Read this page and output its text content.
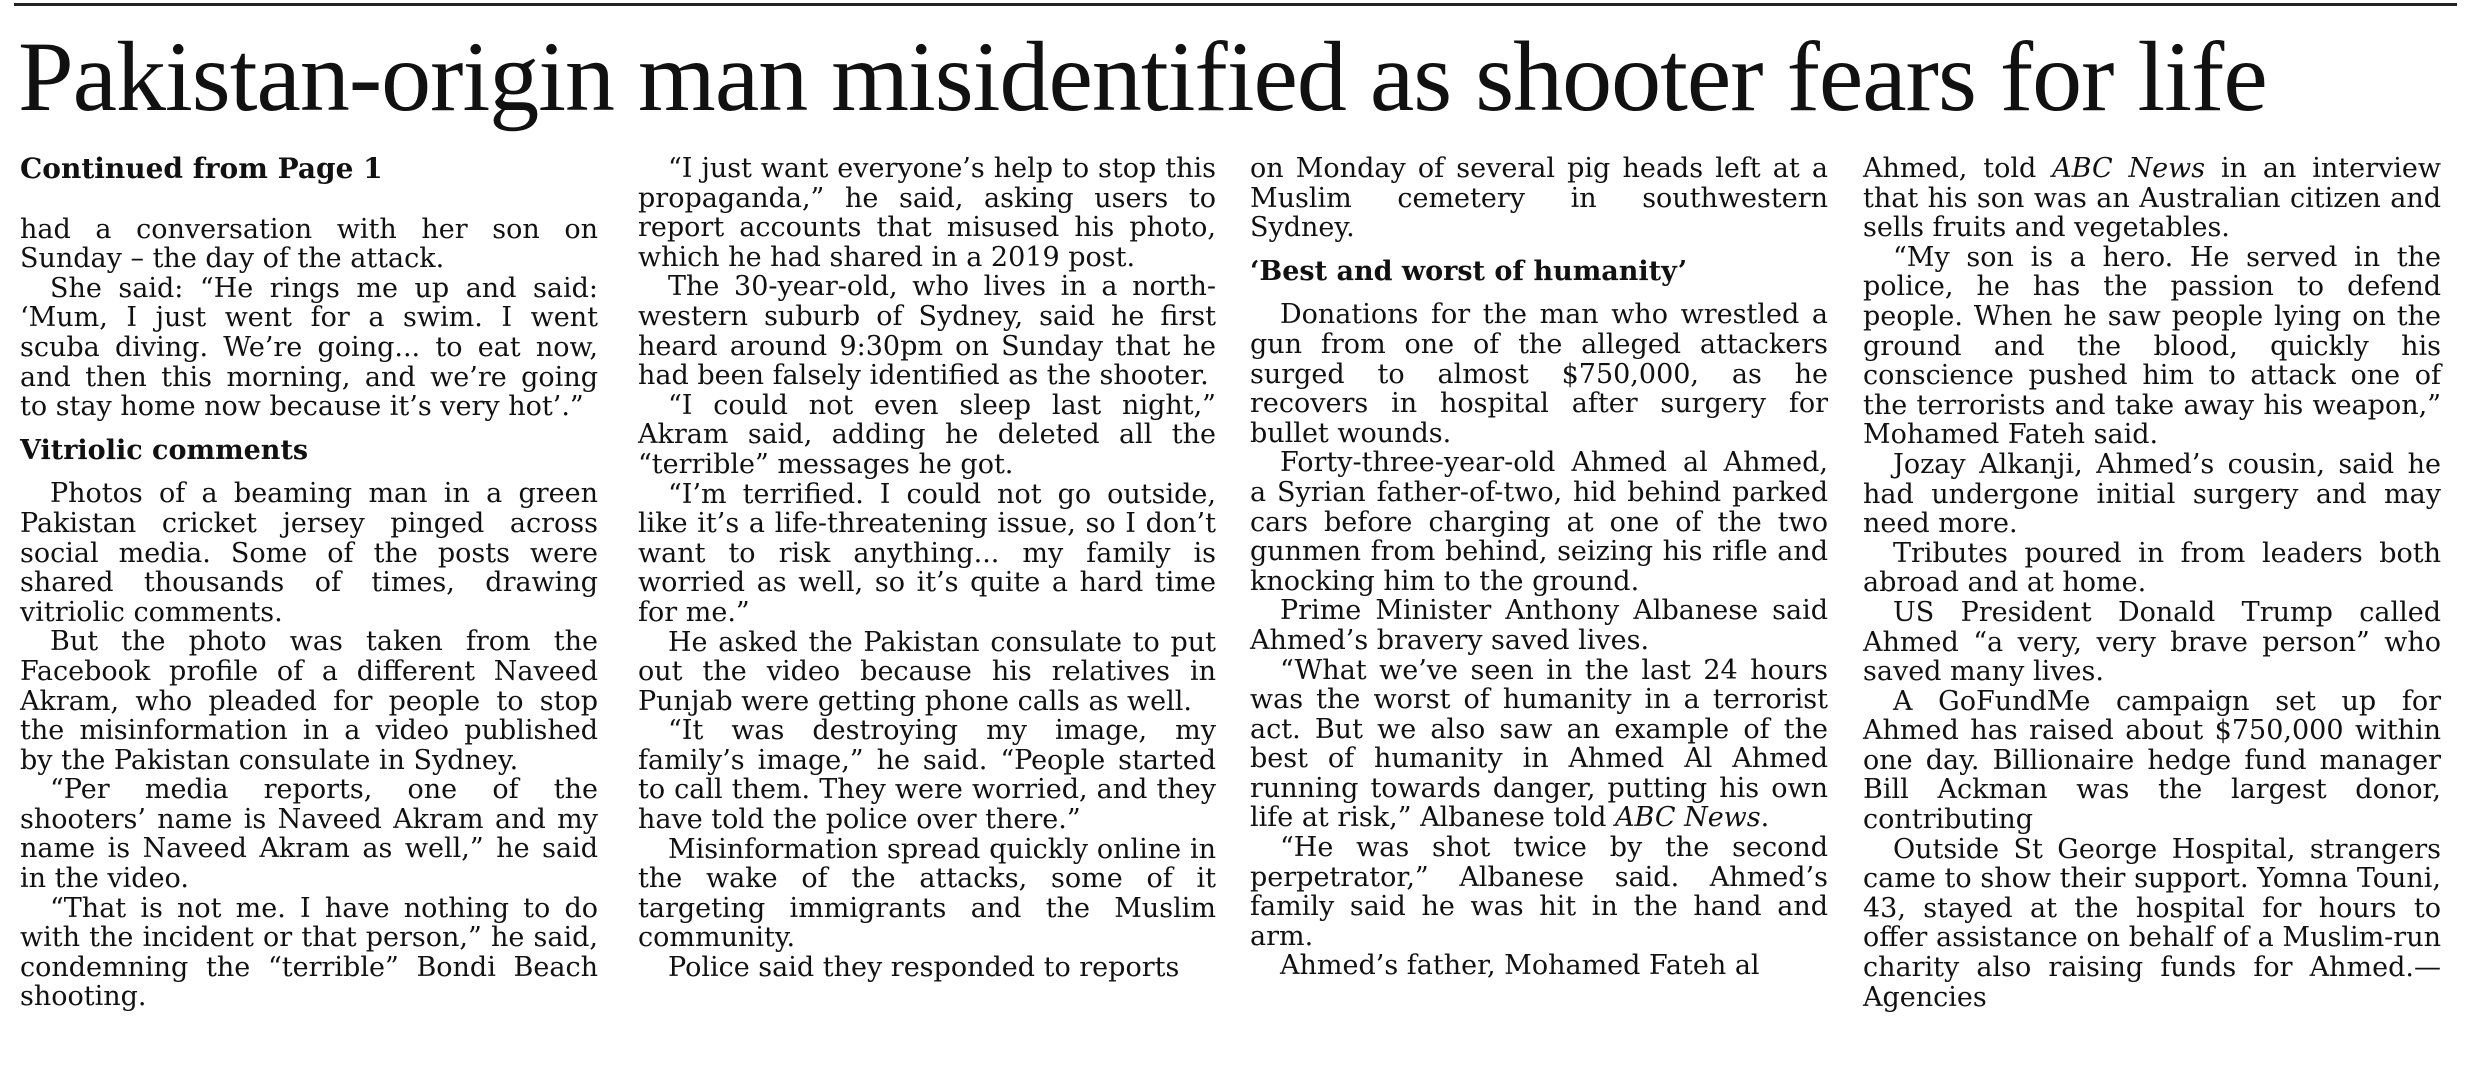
Pakistan-origin man misidentified as shooter fears for life
Continued from Page 1

had a conversation with her son on Sunday – the day of the attack.

She said: “He rings me up and said: ‘Mum, I just went for a swim. I went scuba diving. We’re going... to eat now, and then this morning, and we’re going to stay home now because it’s very hot’.”

Vitriolic comments

Photos of a beaming man in a green Pakistan cricket jersey pinged across social media. Some of the posts were shared thousands of times, drawing vitriolic comments.

But the photo was taken from the Facebook profile of a different Naveed Akram, who pleaded for people to stop the misinformation in a video published by the Pakistan consulate in Sydney.

“Per media reports, one of the shooters’ name is Naveed Akram and my name is Naveed Akram as well,” he said in the video.

“That is not me. I have nothing to do with the incident or that person,” he said, condemning the “terrible” Bondi Beach shooting.

“I just want everyone’s help to stop this propaganda,” he said, asking users to report accounts that misused his photo, which he had shared in a 2019 post.

The 30-year-old, who lives in a north-western suburb of Sydney, said he first heard around 9:30pm on Sunday that he had been falsely identified as the shooter.

“I could not even sleep last night,” Akram said, adding he deleted all the “terrible” messages he got.

“I’m terrified. I could not go outside, like it’s a life-threatening issue, so I don’t want to risk anything... my family is worried as well, so it’s quite a hard time for me.”

He asked the Pakistan consulate to put out the video because his relatives in Punjab were getting phone calls as well.

“It was destroying my image, my family’s image,” he said. “People started to call them. They were worried, and they have told the police over there.”

Misinformation spread quickly online in the wake of the attacks, some of it targeting immigrants and the Muslim community.

Police said they responded to reports

on Monday of several pig heads left at a Muslim cemetery in southwestern Sydney.

‘Best and worst of humanity’

Donations for the man who wrestled a gun from one of the alleged attackers surged to almost $750,000, as he recovers in hospital after surgery for bullet wounds.

Forty-three-year-old Ahmed al Ahmed, a Syrian father-of-two, hid behind parked cars before charging at one of the two gunmen from behind, seizing his rifle and knocking him to the ground.

Prime Minister Anthony Albanese said Ahmed’s bravery saved lives.

“What we’ve seen in the last 24 hours was the worst of humanity in a terrorist act. But we also saw an example of the best of humanity in Ahmed Al Ahmed running towards danger, putting his own life at risk,” Albanese told ABC News.

“He was shot twice by the second perpetrator,” Albanese said. Ahmed’s family said he was hit in the hand and arm.

Ahmed’s father, Mohamed Fateh al

Ahmed, told ABC News in an interview that his son was an Australian citizen and sells fruits and vegetables.

“My son is a hero. He served in the police, he has the passion to defend people. When he saw people lying on the ground and the blood, quickly his conscience pushed him to attack one of the terrorists and take away his weapon,” Mohamed Fateh said.

Jozay Alkanji, Ahmed’s cousin, said he had undergone initial surgery and may need more.

Tributes poured in from leaders both abroad and at home.

US President Donald Trump called Ahmed “a very, very brave person” who saved many lives.

A GoFundMe campaign set up for Ahmed has raised about $750,000 within one day. Billionaire hedge fund manager Bill Ackman was the largest donor, contributing

Outside St George Hospital, strangers came to show their support. Yomna Touni, 43, stayed at the hospital for hours to offer assistance on behalf of a Muslim-run charity also raising funds for Ahmed.— Agencies
